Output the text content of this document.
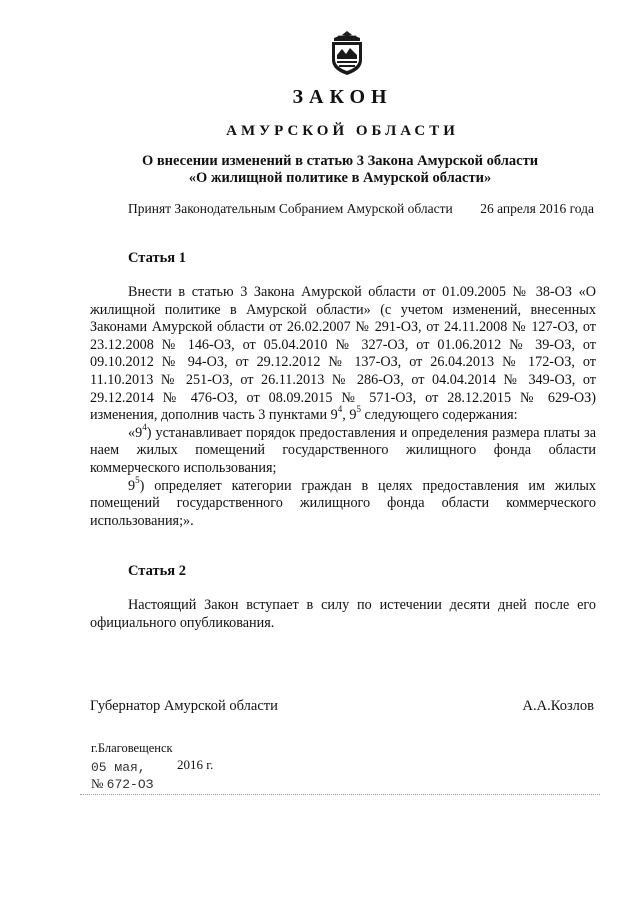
ЗАКОН
АМУРСКОЙ ОБЛАСТИ
О внесении изменений в статью 3 Закона Амурской области
«О жилищной политике в Амурской области»
Принят Законодательным Собранием Амурской области 26 апреля 2016 года
Статья 1

Внести в статью 3 Закона Амурской области от 01.09.2005 № 38-ОЗ «О жилищной политике в Амурской области» (с учетом изменений, внесенных Законами Амурской области от 26.02.2007 № 291-ОЗ, от 24.11.2008 № 127-ОЗ, от 23.12.2008 № 146-ОЗ, от 05.04.2010 № 327-ОЗ, от 01.06.2012 № 39-ОЗ, от 09.10.2012 № 94-ОЗ, от 29.12.2012 № 137-ОЗ, от 26.04.2013 № 172-ОЗ, от 11.10.2013 № 251-ОЗ, от 26.11.2013 № 286-ОЗ, от 04.04.2014 № 349-ОЗ, от 29.12.2014 № 476-ОЗ, от 08.09.2015 № 571-ОЗ, от 28.12.2015 № 629-ОЗ) изменения, дополнив часть 3 пунктами $9^4$, $9^5$ следующего содержания:

«$9^4$) устанавливает порядок предоставления и определения размера платы за наем жилых помещений государственного жилищного фонда области коммерческого использования;

$9^5$) определяет категории граждан в целях предоставления им жилых помещений государственного жилищного фонда области коммерческого использования;».

Статья 2

Настоящий Закон вступает в силу по истечении десяти дней после его официального опубликования.

Губернатор Амурской области	А.А.Козлов
г.Благовещенск
05 мая, 2016 г.
№ 672-ОЗ
